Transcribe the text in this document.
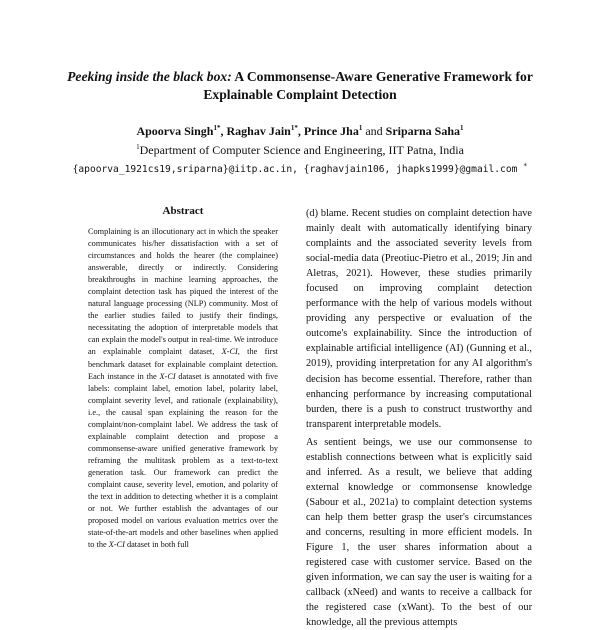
Peeking inside the black box: A Commonsense-Aware Generative Framework for Explainable Complaint Detection
Apoorva Singh$^{1*}$, Raghav Jain$^{1*}$, Prince Jha$^1$ and Sriparna Saha$^1$
$^1$Department of Computer Science and Engineering, IIT Patna, India
{apoorva_1921cs19,sriparna}@iitp.ac.in, {raghavjain106, jhapks1999}@gmail.com *
Abstract
Complaining is an illocutionary act in which the speaker communicates his/her dissatisfaction with a set of circumstances and holds the hearer (the complainee) answerable, directly or indirectly. Considering breakthroughs in machine learning approaches, the complaint detection task has piqued the interest of the natural language processing (NLP) community. Most of the earlier studies failed to justify their findings, necessitating the adoption of interpretable models that can explain the model's output in real-time. We introduce an explainable complaint dataset, X-CI, the first benchmark dataset for explainable complaint detection. Each instance in the X-CI dataset is annotated with five labels: complaint label, emotion label, polarity label, complaint severity level, and rationale (explainability), i.e., the causal span explaining the reason for the complaint/non-complaint label. We address the task of explainable complaint detection and propose a commonsense-aware unified generative framework by reframing the multitask problem as a text-to-text generation task. Our framework can predict the complaint cause, severity level, emotion, and polarity of the text in addition to detecting whether it is a complaint or not. We further establish the advantages of our proposed model on various evaluation metrics over the state-of-the-art models and other baselines when applied to the X-CI dataset in both full

(d) blame. Recent studies on complaint detection have mainly dealt with automatically identifying binary complaints and the associated severity levels from social-media data (Preotiuc-Pietro et al., 2019; Jin and Aletras, 2021). However, these studies primarily focused on improving complaint detection performance with the help of various models without providing any perspective or evaluation of the outcome's explainability. Since the introduction of explainable artificial intelligence (AI) (Gunning et al., 2019), providing interpretation for any AI algorithm's decision has become essential. Therefore, rather than enhancing performance by increasing computational burden, there is a push to construct trustworthy and transparent interpretable models.

As sentient beings, we use our commonsense to establish connections between what is explicitly said and inferred. As a result, we believe that adding external knowledge or commonsense knowledge (Sabour et al., 2021a) to complaint detection systems can help them better grasp the user's circumstances and concerns, resulting in more efficient models. In Figure 1, the user shares information about a registered case with customer service. Based on the given information, we can say the user is waiting for a callback (xNeed) and wants to receive a callback for the registered case (xWant). To the best of our knowledge, all the previous attempts
